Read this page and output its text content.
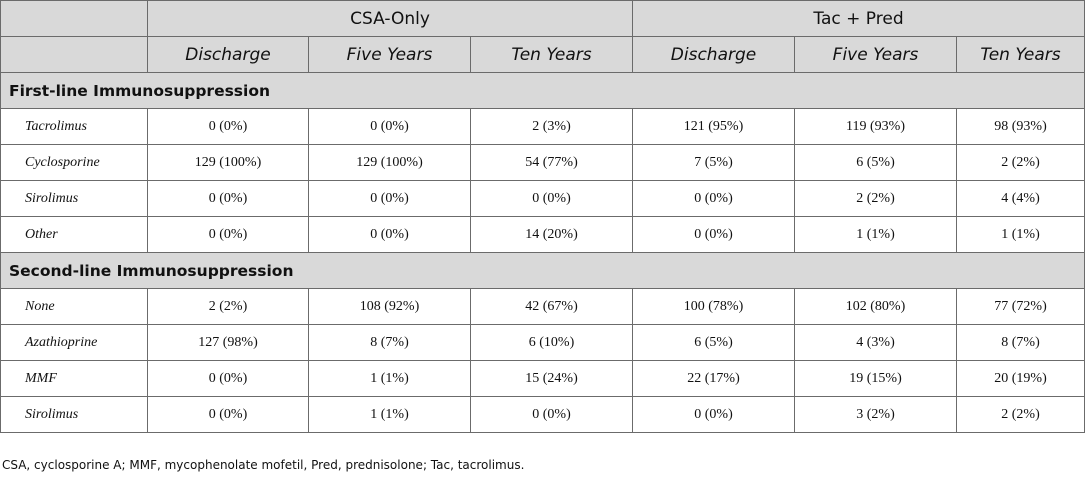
	CSA-Only			Tac + Pred		
	Discharge	Five Years	Ten Years	Discharge	Five Years	Ten Years
First-line Immunosuppression						
Tacrolimus	0 (0%)	0 (0%)	2 (3%)	121 (95%)	119 (93%)	98 (93%)
Cyclosporine	129 (100%)	129 (100%)	54 (77%)	7 (5%)	6 (5%)	2 (2%)
Sirolimus	0 (0%)	0 (0%)	0 (0%)	0 (0%)	2 (2%)	4 (4%)
Other	0 (0%)	0 (0%)	14 (20%)	0 (0%)	1 (1%)	1 (1%)
Second-line Immunosuppression						
None	2 (2%)	108 (92%)	42 (67%)	100 (78%)	102 (80%)	77 (72%)
Azathioprine	127 (98%)	8 (7%)	6 (10%)	6 (5%)	4 (3%)	8 (7%)
MMF	0 (0%)	1 (1%)	15 (24%)	22 (17%)	19 (15%)	20 (19%)
Sirolimus	0 (0%)	1 (1%)	0 (0%)	0 (0%)	3 (2%)	2 (2%)
CSA, cyclosporine A; MMF, mycophenolate mofetil, Pred, prednisolone; Tac, tacrolimus.
